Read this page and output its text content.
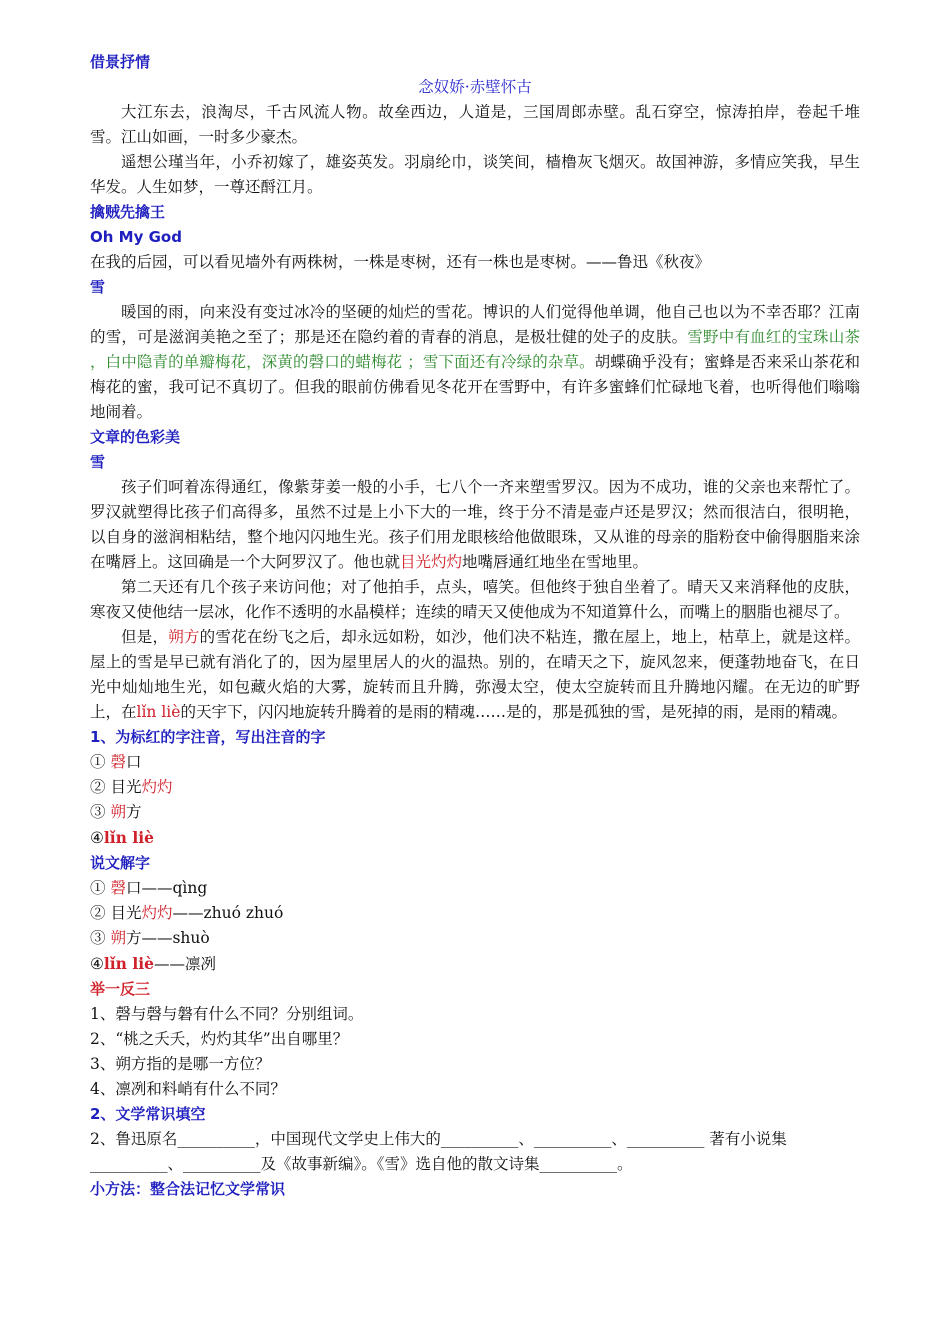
借景抒情
念奴娇·赤壁怀古
大江东去，浪淘尽，千古风流人物。故垒西边，人道是，三国周郎赤壁。乱石穿空，惊涛拍岸，卷起千堆雪。江山如画，一时多少豪杰。
遥想公瑾当年，小乔初嫁了，雄姿英发。羽扇纶巾，谈笑间，樯橹灰飞烟灭。故国神游，多情应笑我，早生华发。人生如梦，一尊还酹江月。
擒贼先擒王
Oh My God
在我的后园，可以看见墙外有两株树，一株是枣树，还有一株也是枣树。——鲁迅《秋夜》
雪
暖国的雨，向来没有变过冰冷的坚硬的灿烂的雪花。博识的人们觉得他单调，他自己也以为不幸否耶？江南的雪，可是滋润美艳之至了；那是还在隐约着的青春的消息，是极壮健的处子的皮肤。雪野中有血红的宝珠山茶 ，白中隐青的单瓣梅花，深黄的磬口的蜡梅花 ；雪下面还有冷绿的杂草。胡蝶确乎没有；蜜蜂是否来采山茶花和梅花的蜜，我可记不真切了。但我的眼前仿佛看见冬花开在雪野中，有许多蜜蜂们忙碌地飞着，也听得他们嗡嗡地闹着。
文章的色彩美
雪
孩子们呵着冻得通红，像紫芽姜一般的小手，七八个一齐来塑雪罗汉。因为不成功，谁的父亲也来帮忙了。罗汉就塑得比孩子们高得多，虽然不过是上小下大的一堆，终于分不清是壶卢还是罗汉；然而很洁白，很明艳，以自身的滋润相粘结，整个地闪闪地生光。孩子们用龙眼核给他做眼珠，又从谁的母亲的脂粉奁中偷得胭脂来涂在嘴唇上。这回确是一个大阿罗汉了。他也就目光灼灼地嘴唇通红地坐在雪地里。
第二天还有几个孩子来访问他；对了他拍手，点头，嘻笑。但他终于独自坐着了。晴天又来消释他的皮肤，寒夜又使他结一层冰，化作不透明的水晶模样；连续的晴天又使他成为不知道算什么，而嘴上的胭脂也褪尽了。
但是，朔方的雪花在纷飞之后，却永远如粉，如沙，他们决不粘连，撒在屋上，地上，枯草上，就是这样。屋上的雪是早已就有消化了的，因为屋里居人的火的温热。别的，在晴天之下，旋风忽来，便蓬勃地奋飞，在日光中灿灿地生光，如包藏火焰的大雾，旋转而且升腾，弥漫太空，使太空旋转而且升腾地闪耀。在无边的旷野上，在lǐn liè的天宇下，闪闪地旋转升腾着的是雨的精魂……是的，那是孤独的雪，是死掉的雨，是雨的精魂。
1、为标红的字注音，写出注音的字
① 磬口
② 目光灼灼
③ 朔方
④lǐn liè
说文解字
① 磬口——qìng
② 目光灼灼——zhuó zhuó
③ 朔方——shuò
④lǐn liè——凛冽
举一反三
1、磬与磬与磐有什么不同？分别组词。
2、“桃之夭夭，灼灼其华”出自哪里？
3、朔方指的是哪一方位？
4、凛冽和料峭有什么不同？
2、文学常识填空
2、鲁迅原名__________，中国现代文学史上伟大的__________、__________、__________ 著有小说集
__________、__________及《故事新编》。《雪》选自他的散文诗集__________。
小方法：整合法记忆文学常识
